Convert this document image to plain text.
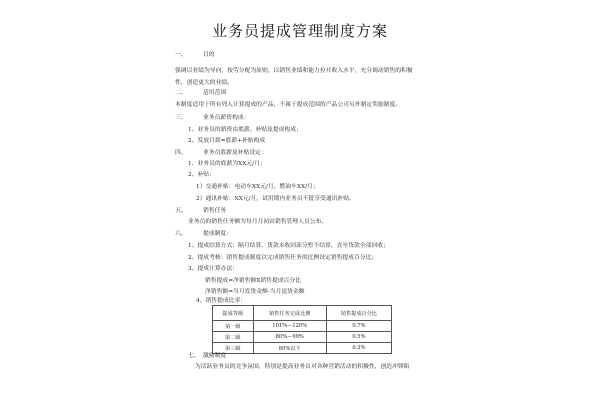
业务员提成管理制度方案
一、	目的
强调以业绩为导向，按劳分配为原则，以销售业绩和能力拉开收入水平，充分调动销售的积极性，创造更大的业绩。
二、	适用范围
本制度适用于所有列入计算提成的产品，不属于提成范围的产品公司另外制定奖励制度。
三、	业务员薪资构成：
1、业务员的薪资由底薪、补贴及提成构成；
2、发放月薪=底薪+补贴构成
四、	业务员底薪及补贴设定：
1、业务员的底薪为XX元/月；
2、补贴：
1）交通补贴：电动车XX元/月，燃油车XX/月；
2）通讯补贴：XX元/月，试用期内业务员不批享受通讯补贴。
五、	销售任务
业务员的销售任务额为每月月初由销售管理人员公布。
六、	提成制度：
1、提成结算方式：隔月结算，货款未收回部分暂不结算，直至货款全部回收；
2、提成考核：销售提成制度以完成销售任务的比例设定销售提成百分比；
3、提成计算办法：
销售提成=净销售额X销售提成百分比
净销售额=当月发货金额-当月退货金额
4、销售提成比率：
提成等级	销售任务完成比例	销售提成百分比
第一级	101%—120%	0.7%
第二级	80%—99%	0.5%
第三级	80%以下	0.3%
七、 激励制度
为活跃业务员的竞争氛围，特别是提高业务员对各种营销活动的积极性，创造冲锋陷
